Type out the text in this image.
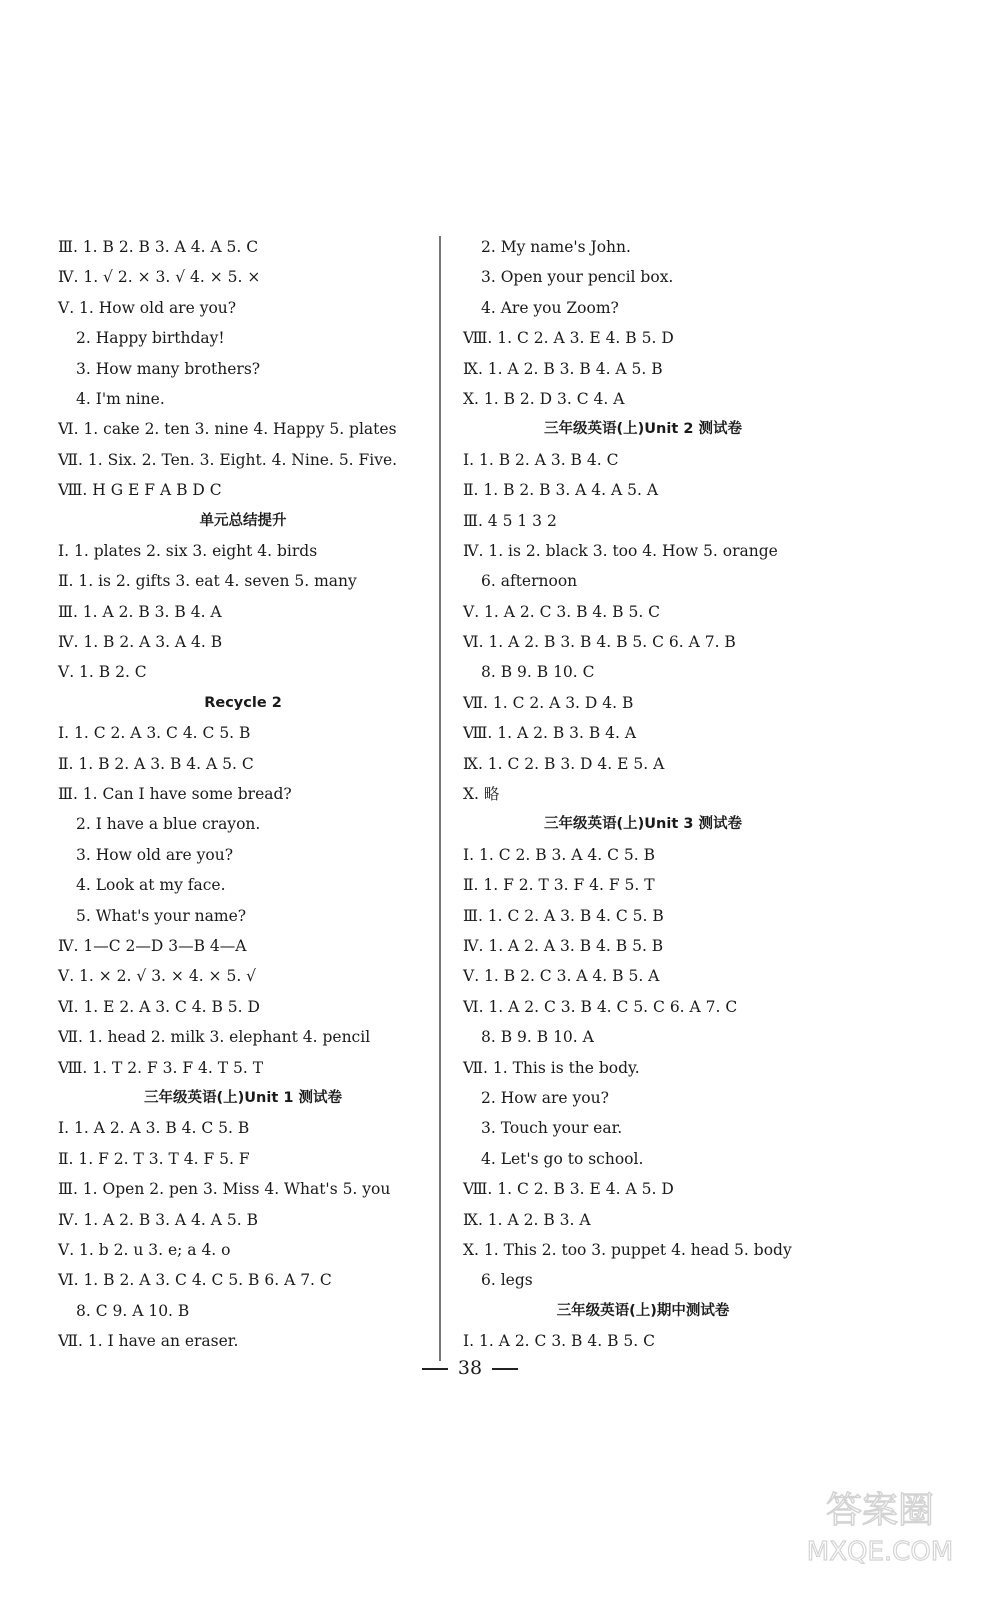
Ⅲ. 1. B 2. B 3. A 4. A 5. C
Ⅳ. 1. √ 2. × 3. √ 4. × 5. ×
Ⅴ. 1. How old are you?
2. Happy birthday!
3. How many brothers?
4. I'm nine.
Ⅵ. 1. cake 2. ten 3. nine 4. Happy 5. plates
Ⅶ. 1. Six. 2. Ten. 3. Eight. 4. Nine. 5. Five.
Ⅷ. H G E F A B D C
单元总结提升
Ⅰ. 1. plates 2. six 3. eight 4. birds
Ⅱ. 1. is 2. gifts 3. eat 4. seven 5. many
Ⅲ. 1. A 2. B 3. B 4. A
Ⅳ. 1. B 2. A 3. A 4. B
Ⅴ. 1. B 2. C
Recycle 2
Ⅰ. 1. C 2. A 3. C 4. C 5. B
Ⅱ. 1. B 2. A 3. B 4. A 5. C
Ⅲ. 1. Can I have some bread?
2. I have a blue crayon.
3. How old are you?
4. Look at my face.
5. What's your name?
Ⅳ. 1—C 2—D 3—B 4—A
Ⅴ. 1. × 2. √ 3. × 4. × 5. √
Ⅵ. 1. E 2. A 3. C 4. B 5. D
Ⅶ. 1. head 2. milk 3. elephant 4. pencil
Ⅷ. 1. T 2. F 3. F 4. T 5. T
三年级英语(上)Unit 1 测试卷
Ⅰ. 1. A 2. A 3. B 4. C 5. B
Ⅱ. 1. F 2. T 3. T 4. F 5. F
Ⅲ. 1. Open 2. pen 3. Miss 4. What's 5. you
Ⅳ. 1. A 2. B 3. A 4. A 5. B
Ⅴ. 1. b 2. u 3. e; a 4. o
Ⅵ. 1. B 2. A 3. C 4. C 5. B 6. A 7. C
8. C 9. A 10. B
Ⅶ. 1. I have an eraser.
2. My name's John.
3. Open your pencil box.
4. Are you Zoom?
Ⅷ. 1. C 2. A 3. E 4. B 5. D
Ⅸ. 1. A 2. B 3. B 4. A 5. B
Ⅹ. 1. B 2. D 3. C 4. A
三年级英语(上)Unit 2 测试卷
Ⅰ. 1. B 2. A 3. B 4. C
Ⅱ. 1. B 2. B 3. A 4. A 5. A
Ⅲ. 4 5 1 3 2
Ⅳ. 1. is 2. black 3. too 4. How 5. orange
6. afternoon
Ⅴ. 1. A 2. C 3. B 4. B 5. C
Ⅵ. 1. A 2. B 3. B 4. B 5. C 6. A 7. B
8. B 9. B 10. C
Ⅶ. 1. C 2. A 3. D 4. B
Ⅷ. 1. A 2. B 3. B 4. A
Ⅸ. 1. C 2. B 3. D 4. E 5. A
Ⅹ. 略
三年级英语(上)Unit 3 测试卷
Ⅰ. 1. C 2. B 3. A 4. C 5. B
Ⅱ. 1. F 2. T 3. F 4. F 5. T
Ⅲ. 1. C 2. A 3. B 4. C 5. B
Ⅳ. 1. A 2. A 3. B 4. B 5. B
Ⅴ. 1. B 2. C 3. A 4. B 5. A
Ⅵ. 1. A 2. C 3. B 4. C 5. C 6. A 7. C
8. B 9. B 10. A
Ⅶ. 1. This is the body.
2. How are you?
3. Touch your ear.
4. Let's go to school.
Ⅷ. 1. C 2. B 3. E 4. A 5. D
Ⅸ. 1. A 2. B 3. A
Ⅹ. 1. This 2. too 3. puppet 4. head 5. body
6. legs
三年级英语(上)期中测试卷
Ⅰ. 1. A 2. C 3. B 4. B 5. C
38
答案圈
MXQE.COM
